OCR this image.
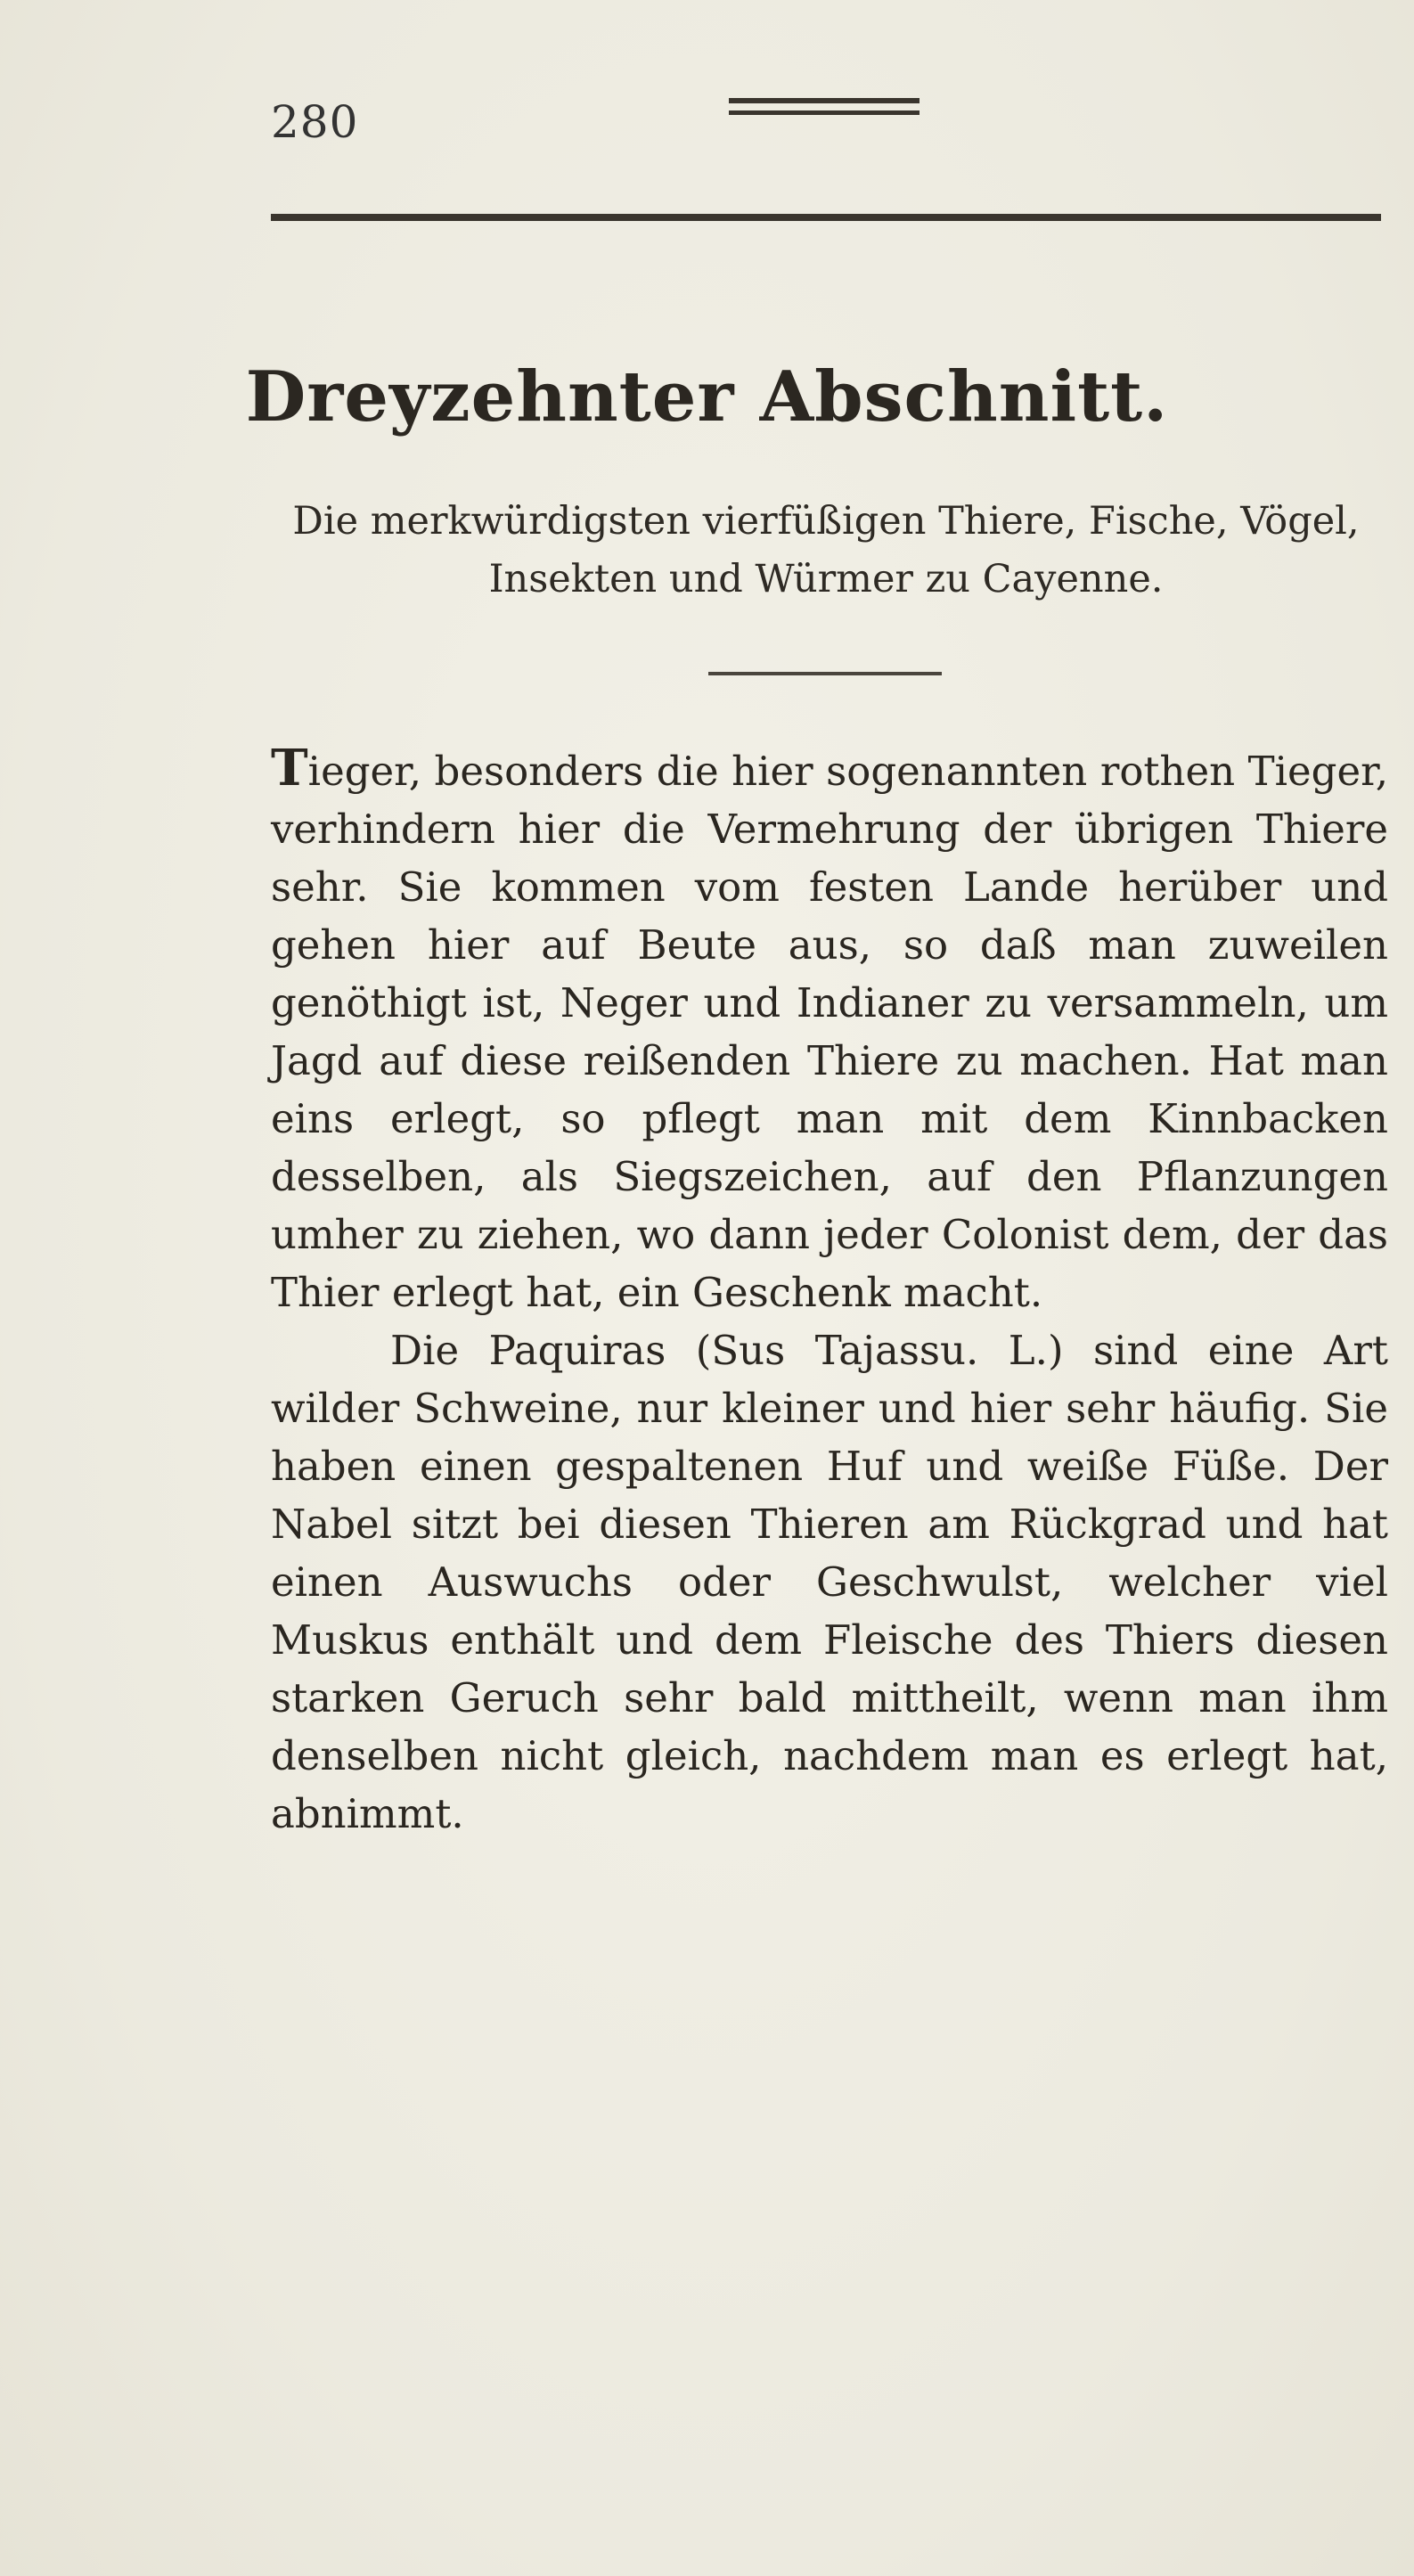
280
Dreyzehnter Abschnitt.
Die merkwürdigsten vierfüßigen Thiere, Fische, Vögel,
Insekten und Würmer zu Cayenne.

Tieger, besonders die hier sogenannten rothen Tieger, verhindern hier die Vermehrung der übrigen Thiere sehr. Sie kommen vom festen Lande herüber und gehen hier auf Beute aus, so daß man zuweilen genöthigt ist, Neger und Indianer zu versammeln, um Jagd auf diese reißenden Thiere zu machen. Hat man eins erlegt, so pflegt man mit dem Kinnbacken desselben, als Siegszeichen, auf den Pflanzungen umher zu ziehen, wo dann jeder Colonist dem, der das Thier erlegt hat, ein Geschenk macht.

Die Paquiras (Sus Tajassu. L.) sind eine Art wilder Schweine, nur kleiner und hier sehr häufig. Sie haben einen gespaltenen Huf und weiße Füße. Der Nabel sitzt bei diesen Thieren am Rückgrad und hat einen Auswuchs oder Geschwulst, welcher viel Muskus enthält und dem Fleische des Thiers diesen starken Geruch sehr bald mittheilt, wenn man ihm denselben nicht gleich, nachdem man es erlegt hat, abnimmt.
